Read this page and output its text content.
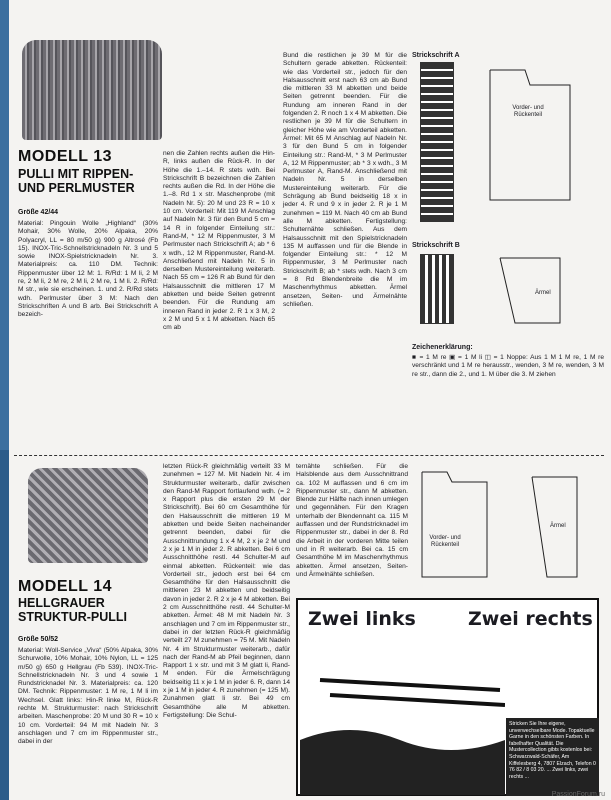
MODELL 13
PULLI MIT RIPPEN- UND PERLMUSTER
Größe 42/44

Material: Pingouin Wolle „Highland“ (30% Mohair, 30% Wolle, 20% Alpaka, 20% Polyacryl, LL = 80 m/50 g) 900 g Altrosé (Fb 15). INOX-Tric-Schnellstricknadeln Nr. 3 und 5 sowie INOX-Spielstricknadeln Nr. 3. Materialpreis: ca. 110 DM. Technik: Rippenmuster über 12 M: 1. R/Rd: 1 M li, 2 M re, 2 M li, 2 M re, 2 M li, 2 M re, 1 M li. 2. R/Rd: M str., wie sie erscheinen. 1. und 2. R/Rd stets wdh. Perlmuster über 3 M: Nach den Strickschriften A und B arb. Bei Strickschrift A bezeich-

nen die Zahlen rechts außen die Hin-R, links außen die Rück-R. In der Höhe die 1.–14. R stets wdh. Bei Strickschrift B bezeichnen die Zahlen rechts außen die Rd. In der Höhe die 1.–8. Rd 1 x str. Maschenprobe (mit Nadeln Nr. 5): 20 M und 23 R = 10 x 10 cm. Vorderteil: Mit 119 M Anschlag auf Nadeln Nr. 3 für den Bund 5 cm = 14 R in folgender Einteilung str.: Rand-M, * 12 M Rippenmuster, 3 M Perlmuster nach Strickschrift A; ab * 6 x wdh., 12 M Rippenmuster, Rand-M. Anschließend mit Nadeln Nr. 5 in derselben Mustereinteilung weiterarb. Nach 55 cm = 126 R ab Bund für den Halsausschnitt die mittleren 17 M abketten und beide Seiten getrennt beenden. Für die Rundung am inneren Rand in jeder 2. R 1 x 3 M, 2 x 2 M und 5 x 1 M abketten. Nach 65 cm ab

Bund die restlichen je 39 M für die Schultern gerade abketten. Rückenteil: wie das Vorderteil str., jedoch für den Halsausschnitt erst nach 63 cm ab Bund die mittleren 33 M abketten und beide Seiten getrennt beenden. Für die Rundung am inneren Rand in der folgenden 2. R noch 1 x 4 M abketten. Die restlichen je 39 M für die Schultern in gleicher Höhe wie am Vorderteil abketten. Ärmel: Mit 65 M Anschlag auf Nadeln Nr. 3 für den Bund 5 cm in folgender Einteilung str.: Rand-M, * 3 M Perlmuster A, 12 M Rippenmuster; ab * 3 x wdh., 3 M Perlmuster A, Rand-M. Anschließend mit Nadeln Nr. 5 in derselben Mustereinteilung weiterarb. Für die Schrägung ab Bund beidseitig 18 x in jeder 4. R und 9 x in jeder 2. R je 1 M zunehmen = 119 M. Nach 40 cm ab Bund alle M abketten. Fertigstellung: Schulternähte schließen. Aus dem Halsausschnitt mit den Spielstricknadeln 135 M auffassen und für die Blende in folgender Einteilung str.: * 12 M Rippenmuster, 3 M Perlmuster nach Strickschrift B; ab * stets wdh. Nach 3 cm = 8 Rd Blendenbreite die M im Maschenrhythmus abketten. Ärmel ansetzen, Seiten- und Ärmelnähte schließen.

Strickschrift A
Vorder- und Rückenteil
Strickschrift B
Ärmel
Zeichenerklärung:

■ = 1 M re ▣ = 1 M li ◫ = 1 Noppe: Aus 1 M 1 M re, 1 M re verschränkt und 1 M re herausstr., wenden, 3 M re, wenden, 3 M re str., dann die 2., und 1. M über die 3. M ziehen

MODELL 14
HELLGRAUER STRUKTUR-PULLI
Größe 50/52

Material: Woll-Service „Viva“ (50% Alpaka, 30% Schurwolle, 10% Mohair, 10% Nylon, LL = 125 m/50 g) 650 g Hellgrau (Fb 539). INOX-Tric-Schnellstricknadeln Nr. 3 und 4 sowie 1 Rundstricknadel Nr. 3. Materialpreis: ca. 120 DM. Technik: Rippenmuster: 1 M re, 1 M li im Wechsel. Glatt links: Hin-R linke M, Rück-R rechte M. Strukturmuster: nach Strickschrift arbeiten. Maschenprobe: 20 M und 30 R = 10 x 10 cm. Vorderteil: 94 M mit Nadeln Nr. 3 anschlagen und 7 cm im Rippenmuster str., dabei in der

letzten Rück-R gleichmäßig verteilt 33 M zunehmen = 127 M. Mit Nadeln Nr. 4 im Strukturmuster weiterarb., dafür zwischen den Rand-M Rapport fortlaufend wdh. (= 2 x Rapport plus die ersten 29 M der Strickschrift). Bei 60 cm Gesamthöhe für den Halsausschnitt die mittleren 19 M abketten und beide Seiten nacheinander getrennt beenden, dabei für die Ausschnittrundung 1 x 4 M, 2 x je 2 M und 2 x je 1 M in jeder 2. R abketten. Bei 6 cm Ausschnitthöhe restl. 44 Schulter-M auf einmal abketten. Rückenteil: wie das Vorderteil str., jedoch erst bei 64 cm Gesamthöhe für den Halsausschnitt die mittleren 23 M abketten und beidseitig davon in jeder 2. R 2 x je 4 M abketten. Bei 2 cm Ausschnitthöhe restl. 44 Schulter-M abketten. Ärmel: 48 M mit Nadeln Nr. 3 anschlagen und 7 cm im Rippenmuster str., dabei in der letzten Rück-R gleichmäßig verteilt 27 M zunehmen = 75 M. Mit Nadeln Nr. 4 im Strukturmuster weiterarb., dafür nach der Rand-M ab Pfeil beginnen, dann Rapport 1 x str. und mit 3 M glatt li, Rand-M enden. Für die Ärmelschrägung beidseitig 11 x je 1 M in jeder 6. R, dann 14 x je 1 M in jeder 4. R zunehmen (= 125 M). Zunahmen glatt li str. Bei 49 cm Gesamthöhe alle M abketten. Fertigstellung: Die Schul-

ternähte schließen. Für die Halsblende aus dem Ausschnittrand ca. 102 M auffassen und 6 cm im Rippenmuster str., dann M abketten. Blende zur Hälfte nach innen umlegen und gegennähen. Für den Kragen unterhalb der Blendennaht ca. 115 M auffassen und der Rundstricknadel im Rippenmuster str., dabei in der 8. Rd die Arbeit in der vorderen Mitte teilen und in R weiterarb. Bei ca. 15 cm Gesamthöhe M im Maschenrhythmus abketten. Ärmel ansetzen, Seiten- und Ärmelnähte schließen.

Vorder- und Rückenteil
Ärmel
Zwei links	Zwei rechts
Stricken Sie Ihre eigene, unverwechselbare Mode. Topaktuelle Garne in den schönsten Farben. In fabelhafter Qualität. Die Mustercollection gibts kostenlos bei: Schwarzwald-Schäfer, Am Kiffelesberg 4, 7807 Elzach, Telefon 0 76 82 / 8 03 20. ... Zwei links, zwei rechts ...
PassionForum.ru
